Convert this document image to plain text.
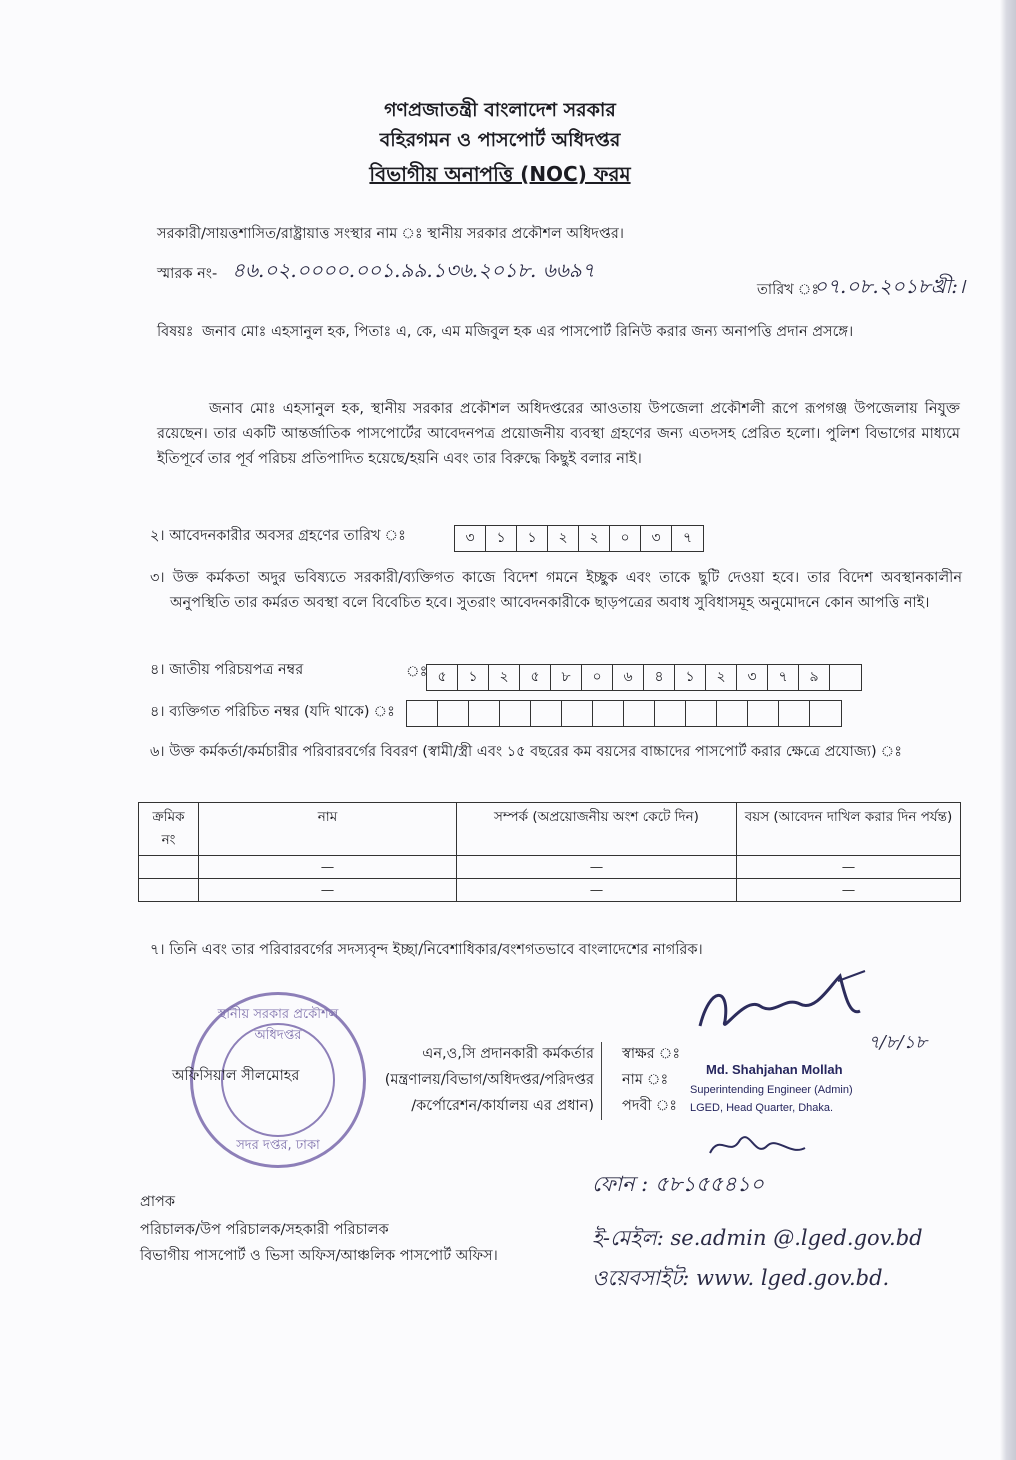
গণপ্রজাতন্ত্রী বাংলাদেশ সরকার
বহিরগমন ও পাসপোর্ট অধিদপ্তর
বিভাগীয় অনাপত্তি (NOC) ফরম
সরকারী/সায়ত্তশাসিত/রাষ্ট্রায়াত্ত সংস্থার নাম ঃ স্থানীয় সরকার প্রকৌশল অধিদপ্তর।
স্মারক নং- ৪৬.০২.০০০০.০০১.৯৯.১৩৬.২০১৮. ৬৬৯৭
তারিখ ঃ
০৭.০৮.২০১৮খ্রী:।
বিষয়ঃ জনাব মোঃ এহসানুল হক, পিতাঃ এ, কে, এম মজিবুল হক এর পাসপোর্ট রিনিউ করার জন্য অনাপত্তি প্রদান প্রসঙ্গে।
জনাব মোঃ এহসানুল হক, স্থানীয় সরকার প্রকৌশল অধিদপ্তরের আওতায় উপজেলা প্রকৌশলী রূপে রূপগঞ্জ উপজেলায় নিযুক্ত রয়েছেন। তার একটি আন্তর্জাতিক পাসপোর্টের আবেদনপত্র প্রয়োজনীয় ব্যবস্থা গ্রহণের জন্য এতদসহ প্রেরিত হলো। পুলিশ বিভাগের মাধ্যমে ইতিপূর্বে তার পূর্ব পরিচয় প্রতিপাদিত হয়েছে/হয়নি এবং তার বিরুদ্ধে কিছুই বলার নাই।
২। আবেদনকারীর অবসর গ্রহণের তারিখ ঃ	৩	১	১	২	২	০	৩	৭
৩। উক্ত কর্মকতা অদুর ভবিষ্যতে সরকারী/ব্যক্তিগত কাজে বিদেশ গমনে ইচ্ছুক এবং তাকে ছুটি দেওয়া হবে। তার বিদেশ অবস্থানকালীন অনুপস্থিতি তার কর্মরত অবস্থা বলে বিবেচিত হবে। সুতরাং আবেদনকারীকে ছাড়পত্রের অবাধ সুবিধাসমূহ অনুমোদনে কোন আপত্তি নাই।
৪। জাতীয় পরিচয়পত্র নম্বর	ঃ ৫	১	২	৫	৮	০	৬	৪	১	২	৩	৭	৯
৪। ব্যক্তিগত পরিচিত নম্বর (যদি থাকে) ঃ
৬। উক্ত কর্মকর্তা/কর্মচারীর পরিবারবর্গের বিবরণ (স্বামী/স্ত্রী এবং ১৫ বছরের কম বয়সের বাচ্চাদের পাসপোর্ট করার ক্ষেত্রে প্রযোজ্য) ঃ
ক্রমিক নং	নাম	সম্পর্ক (অপ্রয়োজনীয় অংশ কেটে দিন)	বয়স (আবেদন দাখিল করার দিন পর্যন্ত)
	—	—	—
	—	—	—
৭। তিনি এবং তার পরিবারবর্গের সদস্যবৃন্দ ইচ্ছা/নিবেশাধিকার/বংশগতভাবে বাংলাদেশের নাগরিক।
স্থানীয় সরকার প্রকৌশল অধিদপ্তর
সদর দপ্তর, ঢাকা
অফিসিয়াল সীলমোহর
এন,ও,সি প্রদানকারী কর্মকর্তার
(মন্ত্রণালয়/বিভাগ/অধিদপ্তর/পরিদপ্তর
/কর্পোরেশন/কার্যালয় এর প্রধান)
স্বাক্ষর ঃ
নাম ঃ
পদবী ঃ
৭/৮/১৮
Md. Shahjahan Mollah
Superintending Engineer (Admin)
LGED, Head Quarter, Dhaka.
ফোন : ৫৮১৫৫৪১০
ই-মেইল: se.admin @.lged.gov.bd
ওয়েবসাইট: www. lged.gov.bd.
প্রাপক
পরিচালক/উপ পরিচালক/সহকারী পরিচালক
বিভাগীয় পাসপোর্ট ও ভিসা অফিস/আঞ্চলিক পাসপোর্ট অফিস।
